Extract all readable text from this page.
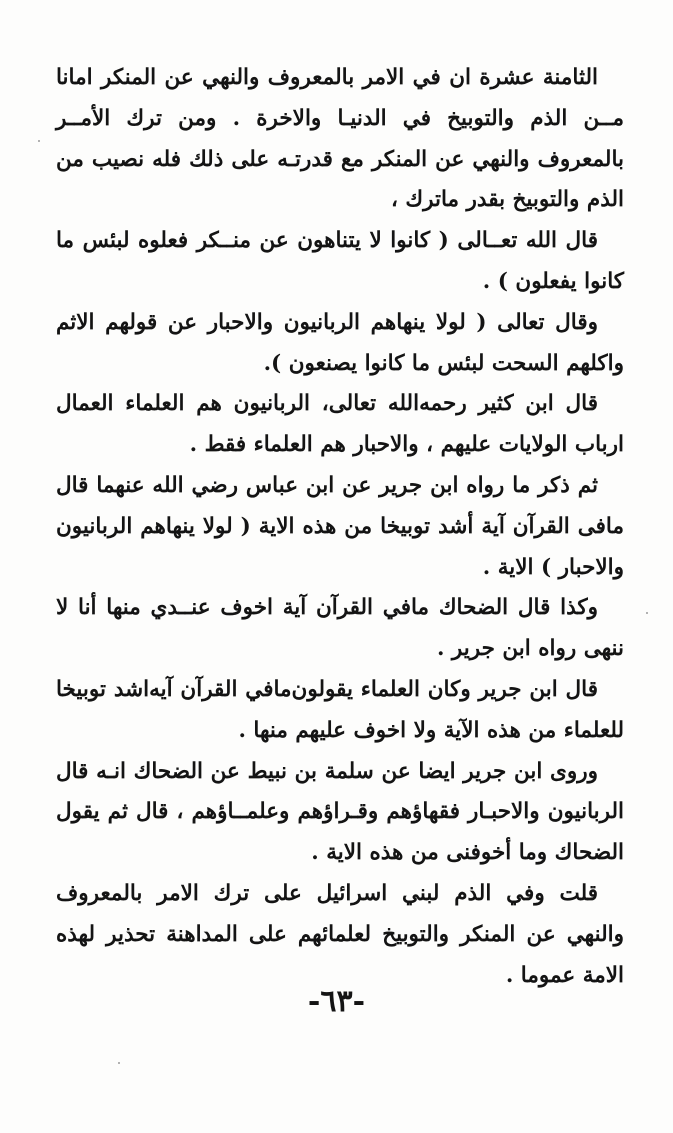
الثامنة عشرة ان في الامر بالمعروف والنهي عن المنكر امانا مــن الذم والتوبيخ في الدنيـا والاخرة . ومن ترك الأمــر بالمعروف والنهي عن المنكر مع قدرتـه على ذلك فله نصيب من الذم والتوبيخ بقدر ماترك ،

قال الله تعــالى ( كانوا لا يتناهون عن منــكر فعلوه لبئس ما كانوا يفعلون ) .

وقال تعالى ( لولا ينهاهم الربانيون والاحبار عن قولهم الاثم واكلهم السحت لبئس ما كانوا يصنعون ).

قال ابن كثير رحمه‌الله تعالى، الربانيون هم العلماء العمال ارباب الولايات عليهم ، والاحبار هم العلماء فقط .

ثم ذكر ما رواه ابن جرير عن ابن عباس رضي الله عنهما قال مافى القرآن آية أشد توبيخا من هذه الاية ( لولا ينهاهم الربانيون والاحبار ) الاية .

وكذا قال الضحاك مافي القرآن آية اخوف عنــدي منها أنا لا ننهى رواه ابن جرير .

قال ابن جرير وكان العلماء يقولون‌مافي القرآن آيه‌اشد توبيخا للعلماء من هذه الآية ولا اخوف عليهم منها .

وروى ابن جرير ايضا عن سلمة بن نبيط عن الضحاك انـه قال الربانيون والاحبـار فقهاؤهم وقـراؤهم وعلمــاؤهم ، قال ثم يقول الضحاك وما أخوفنى من هذه الاية .

قلت وفي الذم لبني اسرائيل على ترك الامر بالمعروف والنهي عن المنكر والتوبيخ لعلمائهم على المداهنة تحذير لهذه الامة عموما .

-٦٣-
